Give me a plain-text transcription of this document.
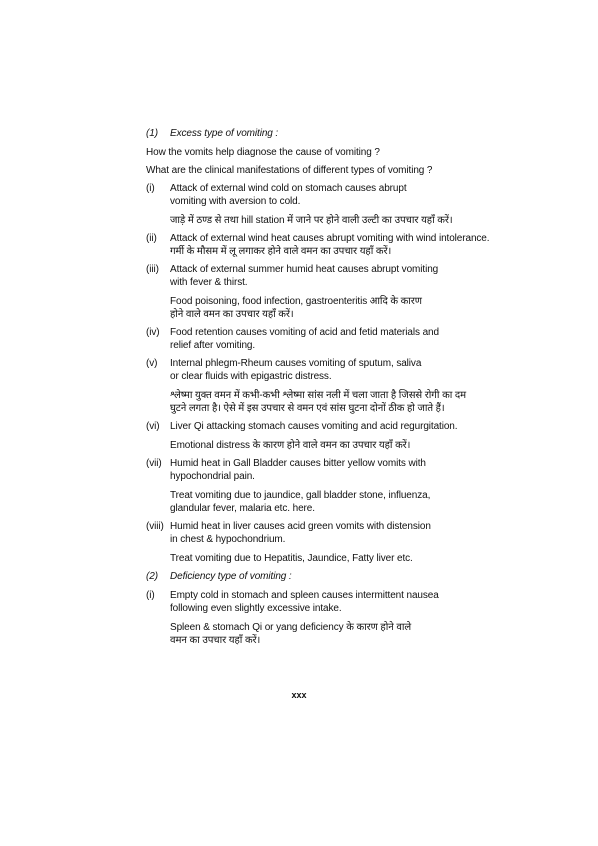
(1)	Excess type of vomiting :
How the vomits help diagnose the cause of vomiting ?
What are the clinical manifestations of different types of vomiting ?
(i)	Attack of external wind cold on stomach causes abrupt
vomiting with aversion to cold.
जाड़े में ठण्ड से तथा hill station में जाने पर होने वाली उल्टी का उपचार यहाँ करें।
(ii)	Attack of external wind heat causes abrupt vomiting with wind intolerance.
गर्मी के मौसम में लू लगाकर होने वाले वमन का उपचार यहाँ करें।
(iii)	Attack of external summer humid heat causes abrupt vomiting
with fever & thirst.
Food poisoning, food infection, gastroenteritis आदि के कारण
होने वाले वमन का उपचार यहाँ करें।
(iv)	Food retention causes vomiting of acid and fetid materials and
relief after vomiting.
(v)	Internal phlegm-Rheum causes vomiting of sputum, saliva
or clear fluids with epigastric distress.
श्लेष्मा युक्त वमन में कभी-कभी श्लेष्मा सांस नली में चला जाता है जिससे रोगी का दम
घुटने लगता है। ऐसे में इस उपचार से वमन एवं सांस घुटना दोनों ठीक हो जाते हैं।
(vi)	Liver Qi attacking stomach causes vomiting and acid regurgitation.
Emotional distress के कारण होने वाले वमन का उपचार यहाँ करें।
(vii) Humid heat in Gall Bladder causes bitter yellow vomits with
hypochondrial pain.
Treat vomiting due to jaundice, gall bladder stone, influenza,
glandular fever, malaria etc. here.
(viii) Humid heat in liver causes acid green vomits with distension
in chest & hypochondrium.
Treat vomiting due to Hepatitis, Jaundice, Fatty liver etc.
(2)	Deficiency type of vomiting :
(i)	Empty cold in stomach and spleen causes intermittent nausea
following even slightly excessive intake.
Spleen & stomach Qi or yang deficiency के कारण होने वाले
वमन का उपचार यहाँ करें।
xxx
